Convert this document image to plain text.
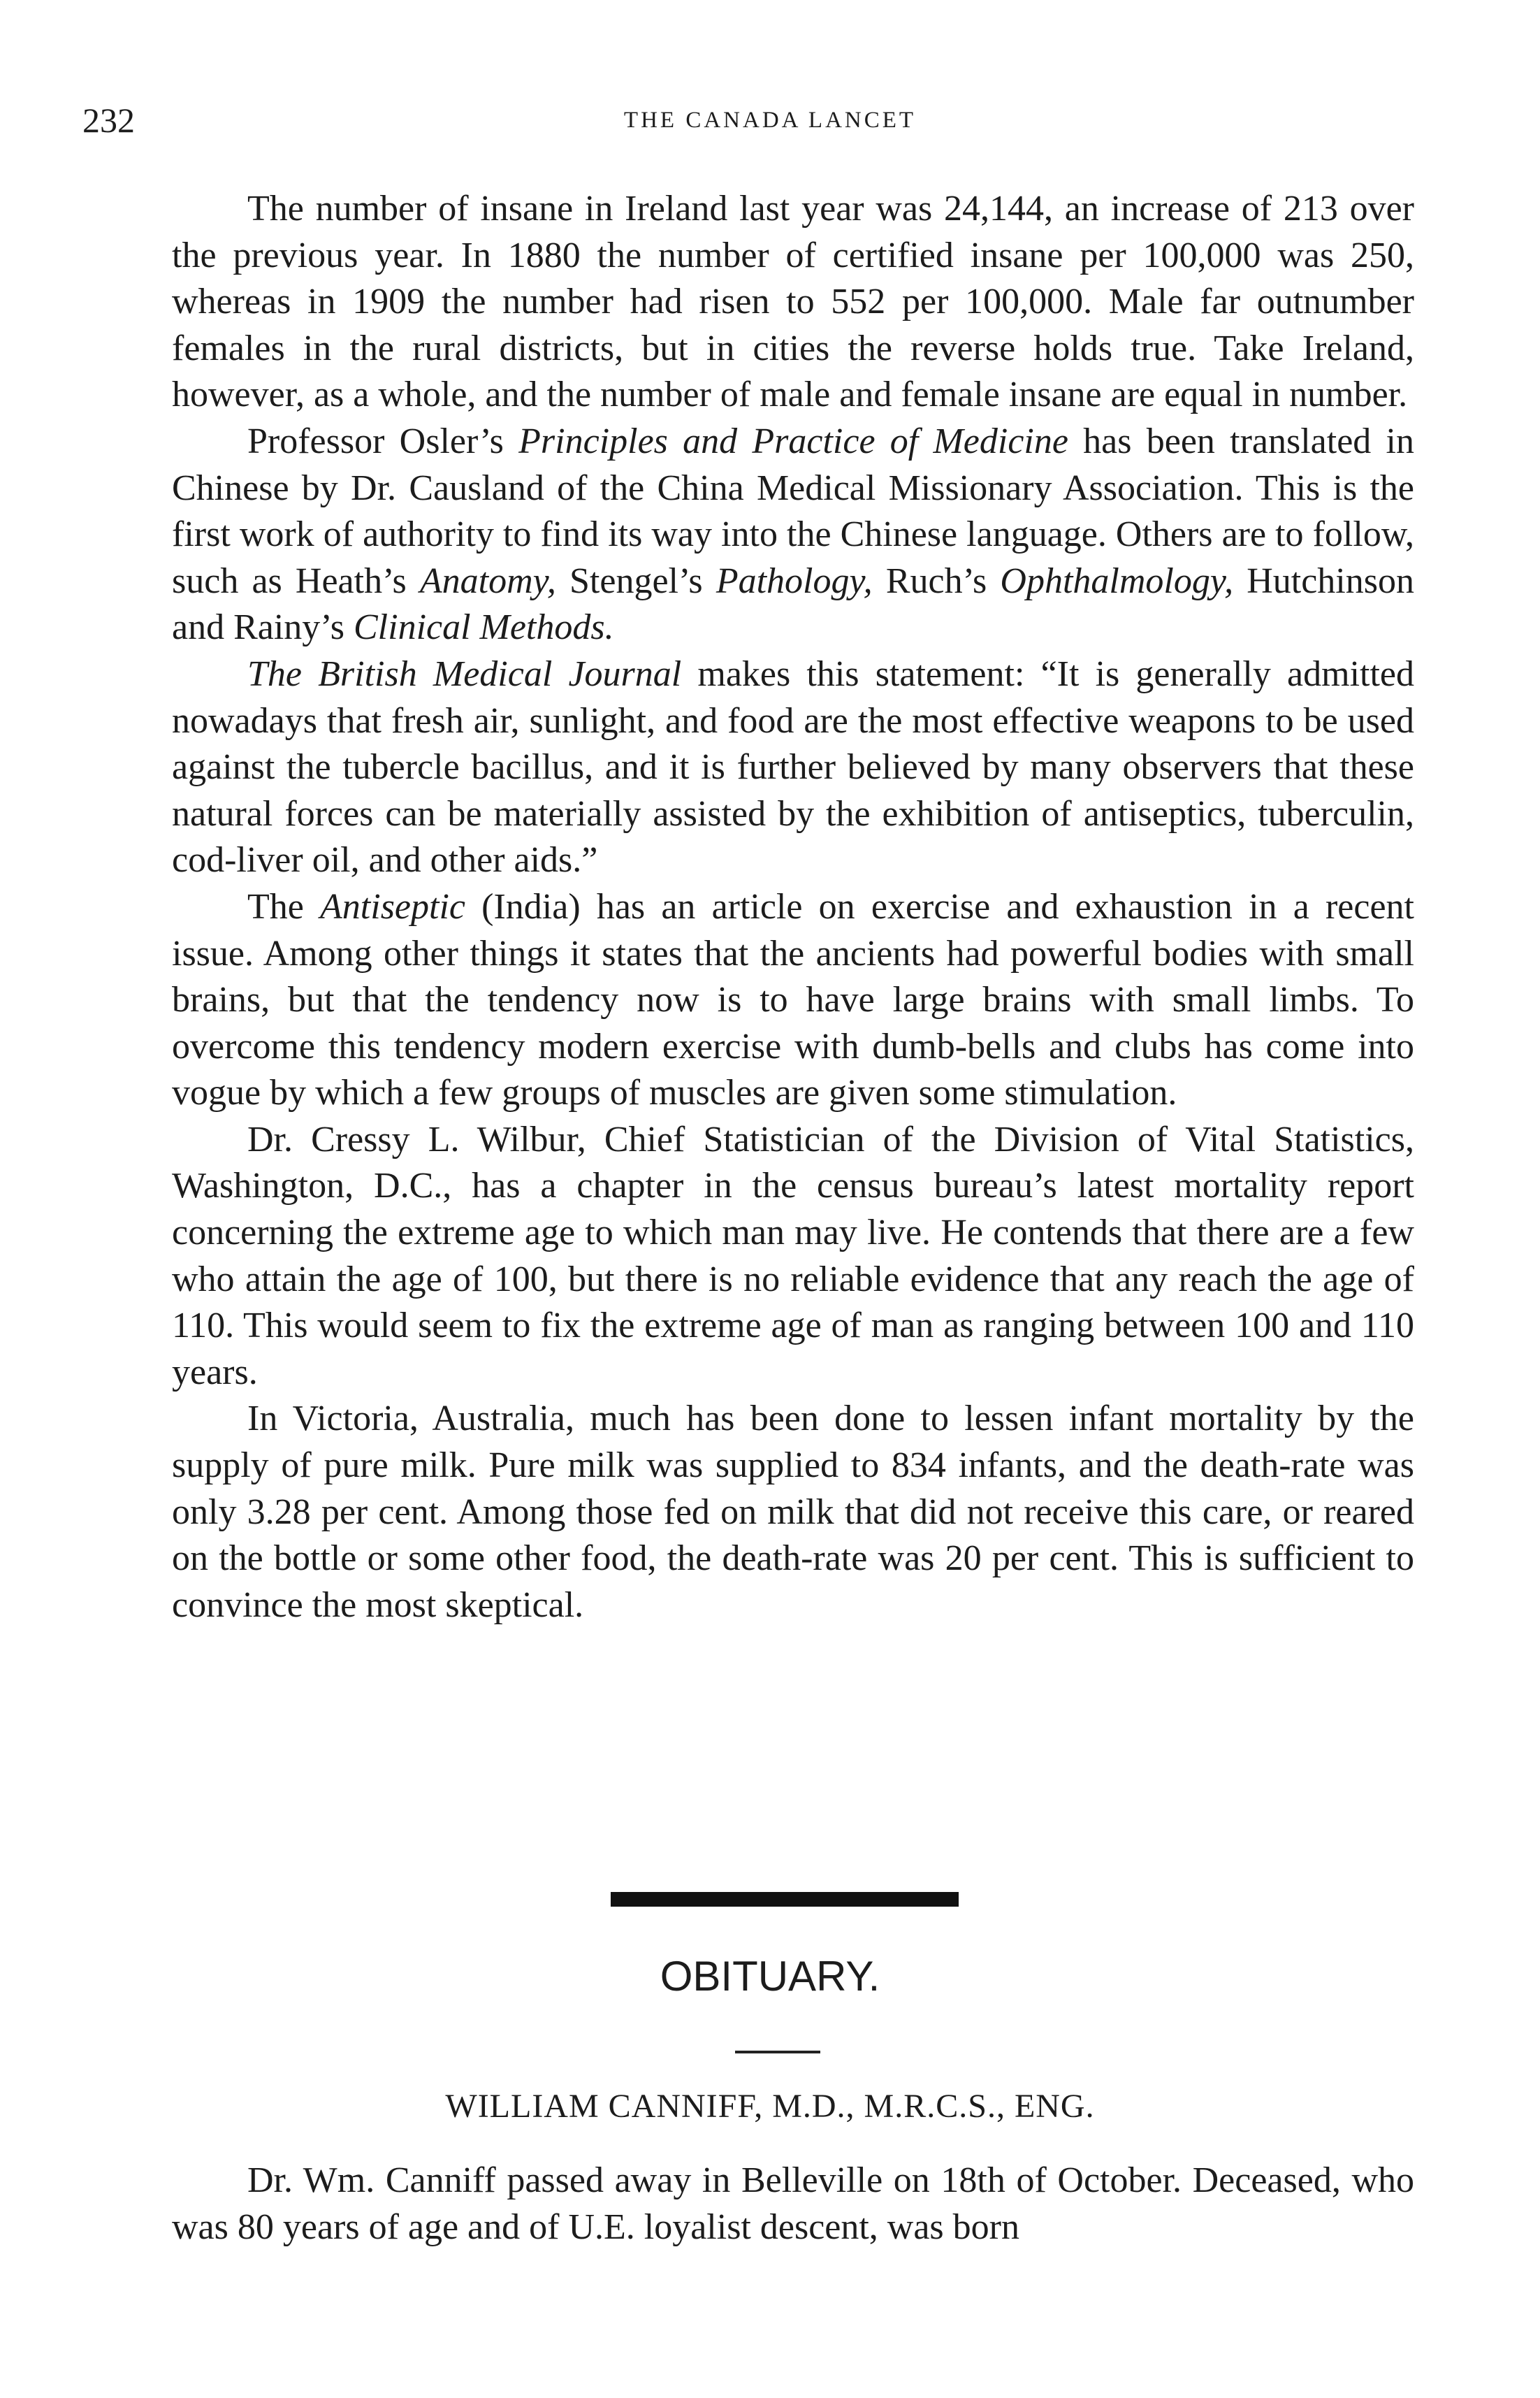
232	THE CANADA LANCET

The number of insane in Ireland last year was 24,144, an increase of 213 over the previous year. In 1880 the number of certified insane per 100,000 was 250, whereas in 1909 the number had risen to 552 per 100,000. Male far outnumber females in the rural districts, but in cities the reverse holds true. Take Ireland, however, as a whole, and the number of male and female insane are equal in number.

Professor Osler’s Principles and Practice of Medicine has been translated in Chinese by Dr. Causland of the China Medical Missionary Association. This is the first work of authority to find its way into the Chinese language. Others are to follow, such as Heath’s Anatomy, Stengel’s Pathology, Ruch’s Ophthalmology, Hutchinson and Rainy’s Clinical Methods.

The British Medical Journal makes this statement: “It is generally admitted nowadays that fresh air, sunlight, and food are the most effective weapons to be used against the tubercle bacillus, and it is further believed by many observers that these natural forces can be materially assisted by the exhibition of antiseptics, tuberculin, cod-liver oil, and other aids.”

The Antiseptic (India) has an article on exercise and exhaustion in a recent issue. Among other things it states that the ancients had powerful bodies with small brains, but that the tendency now is to have large brains with small limbs. To overcome this tendency modern exercise with dumb-bells and clubs has come into vogue by which a few groups of muscles are given some stimulation.

Dr. Cressy L. Wilbur, Chief Statistician of the Division of Vital Statistics, Washington, D.C., has a chapter in the census bureau’s latest mortality report concerning the extreme age to which man may live. He contends that there are a few who attain the age of 100, but there is no reliable evidence that any reach the age of 110. This would seem to fix the extreme age of man as ranging between 100 and 110 years.

In Victoria, Australia, much has been done to lessen infant mortality by the supply of pure milk. Pure milk was supplied to 834 infants, and the death-rate was only 3.28 per cent. Among those fed on milk that did not receive this care, or reared on the bottle or some other food, the death-rate was 20 per cent. This is sufficient to convince the most skeptical.

OBITUARY.
WILLIAM CANNIFF, M.D., M.R.C.S., ENG.

Dr. Wm. Canniff passed away in Belleville on 18th of October. Deceased, who was 80 years of age and of U.E. loyalist descent, was born
